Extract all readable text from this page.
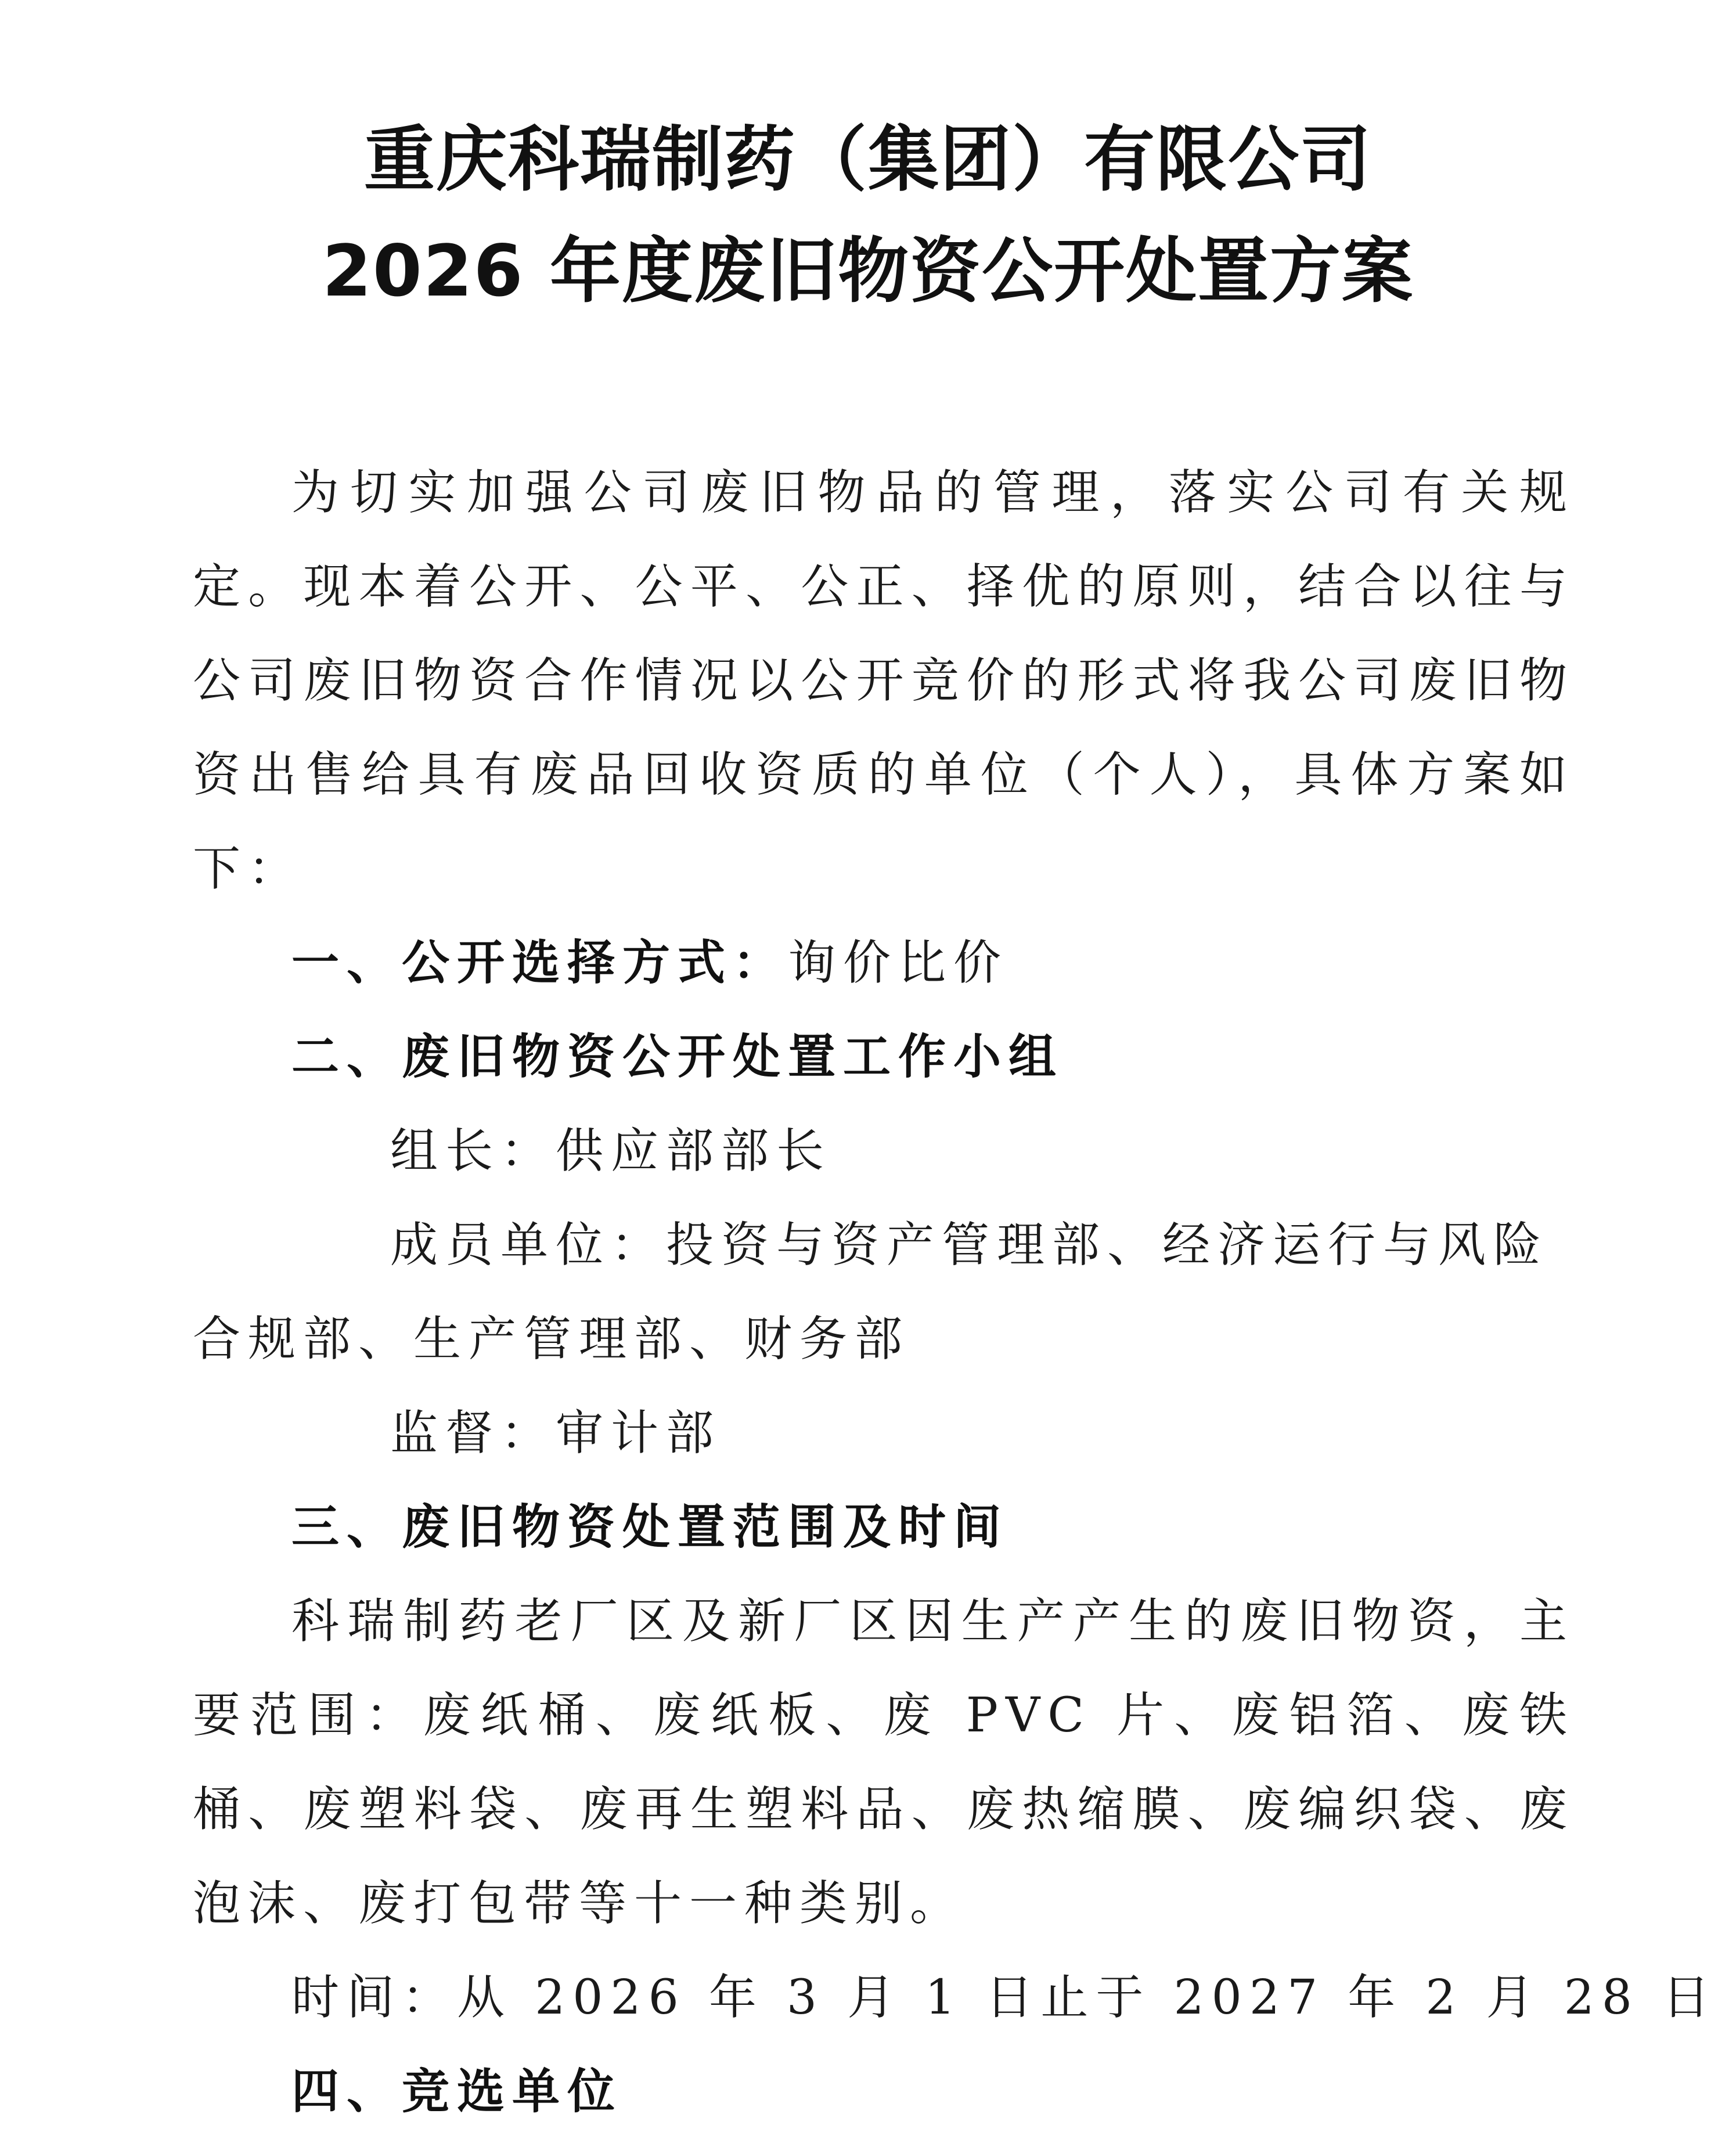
重庆科瑞制药（集团）有限公司
2026 年度废旧物资公开处置方案

为切实加强公司废旧物品的管理，落实公司有关规定。现本着公开、公平、公正、择优的原则，结合以往与公司废旧物资合作情况以公开竞价的形式将我公司废旧物资出售给具有废品回收资质的单位（个人），具体方案如下：

一、公开选择方式：询价比价

二、废旧物资公开处置工作小组

组长：供应部部长

成员单位：投资与资产管理部、经济运行与风险合规部、生产管理部、财务部

监督：审计部

三、废旧物资处置范围及时间

科瑞制药老厂区及新厂区因生产产生的废旧物资，主要范围：废纸桶、废纸板、废 PVC 片、废铝箔、废铁桶、废塑料袋、废再生塑料品、废热缩膜、废编织袋、废泡沫、废打包带等十一种类别。

时间：从 2026 年 3 月 1 日止于 2027 年 2 月 28 日

四、竞选单位
